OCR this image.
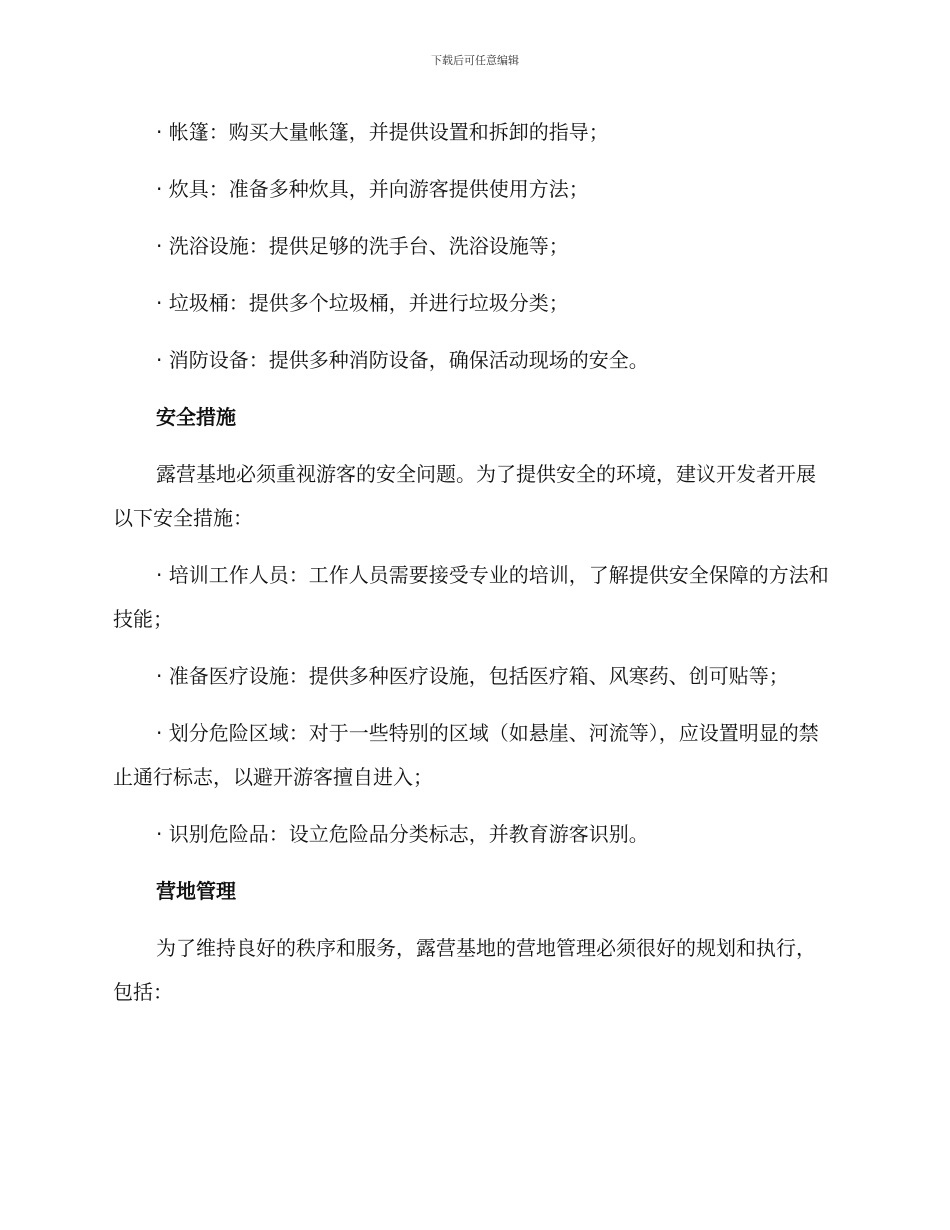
下载后可任意编辑
· 帐篷：购买大量帐篷，并提供设置和拆卸的指导；
· 炊具：准备多种炊具，并向游客提供使用方法；
· 洗浴设施：提供足够的洗手台、洗浴设施等；
· 垃圾桶：提供多个垃圾桶，并进行垃圾分类；
· 消防设备：提供多种消防设备，确保活动现场的安全。
安全措施
露营基地必须重视游客的安全问题。为了提供安全的环境，建议开发者开展以下安全措施：
· 培训工作人员：工作人员需要接受专业的培训，了解提供安全保障的方法和技能；
· 准备医疗设施：提供多种医疗设施，包括医疗箱、风寒药、创可贴等；
· 划分危险区域：对于一些特别的区域（如悬崖、河流等），应设置明显的禁止通行标志，以避开游客擅自进入；
· 识别危险品：设立危险品分类标志，并教育游客识别。
营地管理
为了维持良好的秩序和服务，露营基地的营地管理必须很好的规划和执行，包括：
